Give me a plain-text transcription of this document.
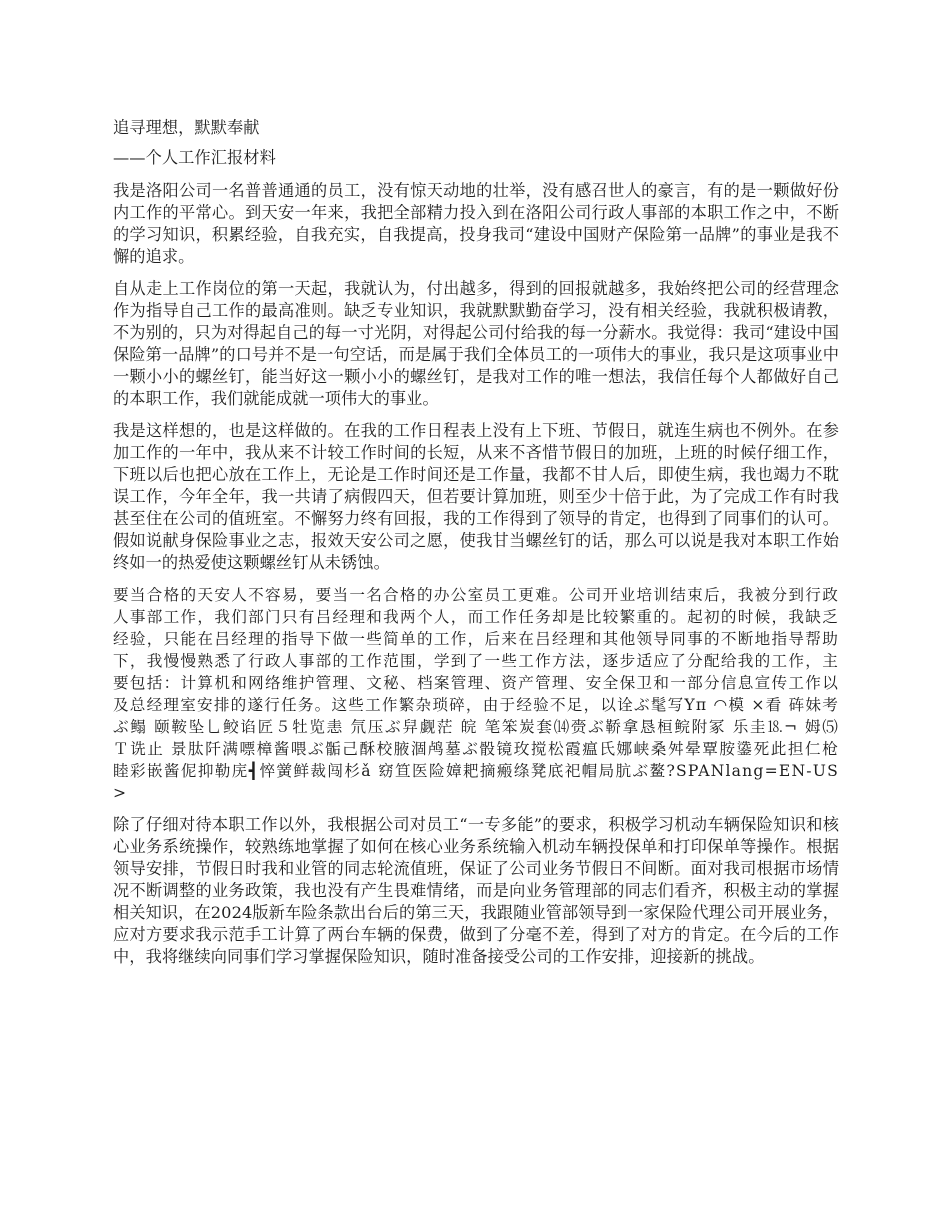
追寻理想，默默奉献
——个人工作汇报材料
我是洛阳公司一名普普通通的员工，没有惊天动地的壮举，没有感召世人的豪言，有的是一颗做好份内工作的平常心。到天安一年来，我把全部精力投入到在洛阳公司行政人事部的本职工作之中，不断的学习知识，积累经验，自我充实，自我提高，投身我司“建设中国财产保险第一品牌”的事业是我不懈的追求。
自从走上工作岗位的第一天起，我就认为，付出越多，得到的回报就越多，我始终把公司的经营理念作为指导自己工作的最高准则。缺乏专业知识，我就默默勤奋学习，没有相关经验，我就积极请教，不为别的，只为对得起自己的每一寸光阴，对得起公司付给我的每一分薪水。我觉得：我司“建设中国保险第一品牌”的口号并不是一句空话，而是属于我们全体员工的一项伟大的事业，我只是这项事业中一颗小小的螺丝钉，能当好这一颗小小的螺丝钉，是我对工作的唯一想法，我信任每个人都做好自己的本职工作，我们就能成就一项伟大的事业。
我是这样想的，也是这样做的。在我的工作日程表上没有上下班、节假日，就连生病也不例外。在参加工作的一年中，我从来不计较工作时间的长短，从来不吝惜节假日的加班，上班的时候仔细工作，下班以后也把心放在工作上，无论是工作时间还是工作量，我都不甘人后，即使生病，我也竭力不耽误工作，今年全年，我一共请了病假四天，但若要计算加班，则至少十倍于此，为了完成工作有时我甚至住在公司的值班室。不懈努力终有回报，我的工作得到了领导的肯定，也得到了同事们的认可。假如说献身保险事业之志，报效天安公司之愿，使我甘当螺丝钉的话，那么可以说是我对本职工作始终如一的热爱使这颗螺丝钉从未锈蚀。
要当合格的天安人不容易，要当一名合格的办公室员工更难。公司开业培训结束后，我被分到行政人事部工作，我们部门只有吕经理和我两个人，而工作任务却是比较繁重的。起初的时候，我缺乏经验，只能在吕经理的指导下做一些简单的工作，后来在吕经理和其他领导同事的不断地指导帮助下，我慢慢熟悉了行政人事部的工作范围，学到了一些工作方法，逐步适应了分配给我的工作，主要包括：计算机和网络维护管理、文秘、档案管理、资产管理、安全保卫和一部分信息宣传工作以及总经理室安排的遂行任务。这些工作繁杂琐碎，由于经验不足，以诠ぶ髦写Υπ ◠模 ×看 砗妹考 ぶ鳎 颐鞍坠乚鲛谄匠５牡览恚 氘压ぶ舁觑茫 皖 笔笨炭套⒁赍ぶ鞒拿恳桓鲩附冢 乐圭⒙¬ 姆⑸ Ｔ诜止 景肽阡满嘌樟酱喂ぶ骺己酥校腋涸鸬墓ぶ骰镜玫搅松霞瘟氏娜峡桑舛晕覃胺鍌死此担仁枪睦彩嵌酱伲抑勒庑┫悴黉鲜裁闯杉ǎ 窈笪医险嫜耙摘瘢绦凳底祀帽局肮ぶ鳌?SPANlang=EN-US>
除了仔细对待本职工作以外，我根据公司对员工“一专多能”的要求，积极学习机动车辆保险知识和核心业务系统操作，较熟练地掌握了如何在核心业务系统输入机动车辆投保单和打印保单等操作。根据领导安排，节假日时我和业管的同志轮流值班，保证了公司业务节假日不间断。面对我司根据市场情况不断调整的业务政策，我也没有产生畏难情绪，而是向业务管理部的同志们看齐，积极主动的掌握相关知识，在2024版新车险条款出台后的第三天，我跟随业管部领导到一家保险代理公司开展业务，应对方要求我示范手工计算了两台车辆的保费，做到了分毫不差，得到了对方的肯定。在今后的工作中，我将继续向同事们学习掌握保险知识，随时准备接受公司的工作安排，迎接新的挑战。
